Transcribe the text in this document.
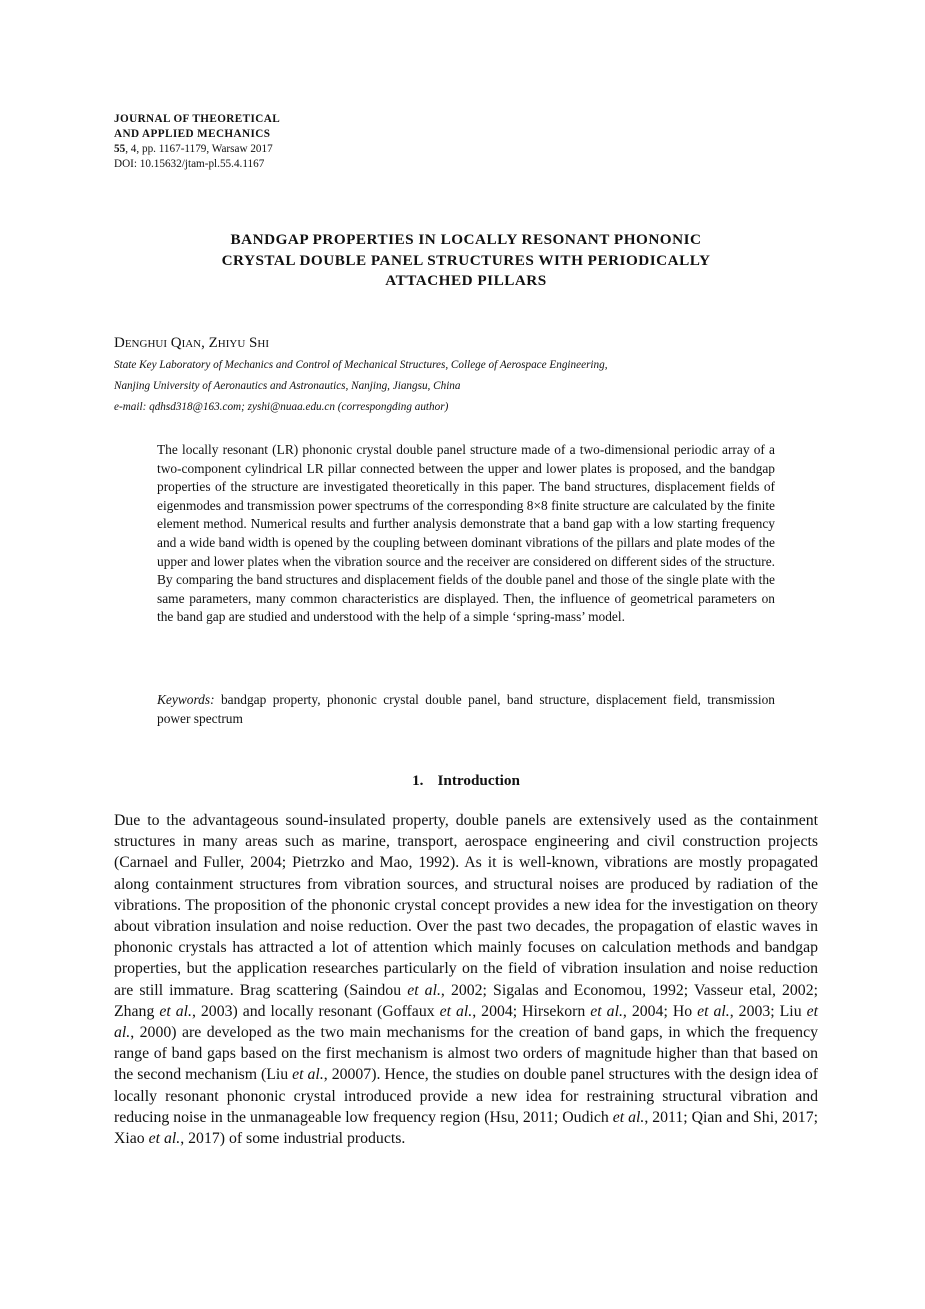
JOURNAL OF THEORETICAL
AND APPLIED MECHANICS
55, 4, pp. 1167-1179, Warsaw 2017
DOI: 10.15632/jtam-pl.55.4.1167
BANDGAP PROPERTIES IN LOCALLY RESONANT PHONONIC
CRYSTAL DOUBLE PANEL STRUCTURES WITH PERIODICALLY
ATTACHED PILLARS
Denghui Qian, Zhiyu Shi
State Key Laboratory of Mechanics and Control of Mechanical Structures, College of Aerospace Engineering,
Nanjing University of Aeronautics and Astronautics, Nanjing, Jiangsu, China
e-mail: qdhsd318@163.com; zyshi@nuaa.edu.cn (correspongding author)
The locally resonant (LR) phononic crystal double panel structure made of a two-dimensional periodic array of a two-component cylindrical LR pillar connected between the upper and lower plates is proposed, and the bandgap properties of the structure are investigated theoretically in this paper. The band structures, displacement fields of eigenmodes and transmission power spectrums of the corresponding 8×8 finite structure are calculated by the finite element method. Numerical results and further analysis demonstrate that a band gap with a low starting frequency and a wide band width is opened by the coupling between dominant vibrations of the pillars and plate modes of the upper and lower plates when the vibration source and the receiver are considered on different sides of the structure. By comparing the band structures and displacement fields of the double panel and those of the single plate with the same parameters, many common characteristics are displayed. Then, the influence of geometrical parameters on the band gap are studied and understood with the help of a simple ‘spring-mass’ model.
Keywords: bandgap property, phononic crystal double panel, band structure, displacement field, transmission power spectrum
1. Introduction
Due to the advantageous sound-insulated property, double panels are extensively used as the containment structures in many areas such as marine, transport, aerospace engineering and civil construction projects (Carnael and Fuller, 2004; Pietrzko and Mao, 1992). As it is well-known, vibrations are mostly propagated along containment structures from vibration sources, and structural noises are produced by radiation of the vibrations. The proposition of the phononic crystal concept provides a new idea for the investigation on theory about vibration insulation and noise reduction. Over the past two decades, the propagation of elastic waves in phononic crystals has attracted a lot of attention which mainly focuses on calculation methods and bandgap properties, but the application researches particularly on the field of vibration insulation and noise reduction are still immature. Brag scattering (Saindou et al., 2002; Sigalas and Economou, 1992; Vasseur etal, 2002; Zhang et al., 2003) and locally resonant (Goffaux et al., 2004; Hirsekorn et al., 2004; Ho et al., 2003; Liu et al., 2000) are developed as the two main mechanisms for the creation of band gaps, in which the frequency range of band gaps based on the first mechanism is almost two orders of magnitude higher than that based on the second mechanism (Liu et al., 20007). Hence, the studies on double panel structures with the design idea of locally resonant phononic crystal introduced provide a new idea for restraining structural vibration and reducing noise in the unmanageable low frequency region (Hsu, 2011; Oudich et al., 2011; Qian and Shi, 2017; Xiao et al., 2017) of some industrial products.
